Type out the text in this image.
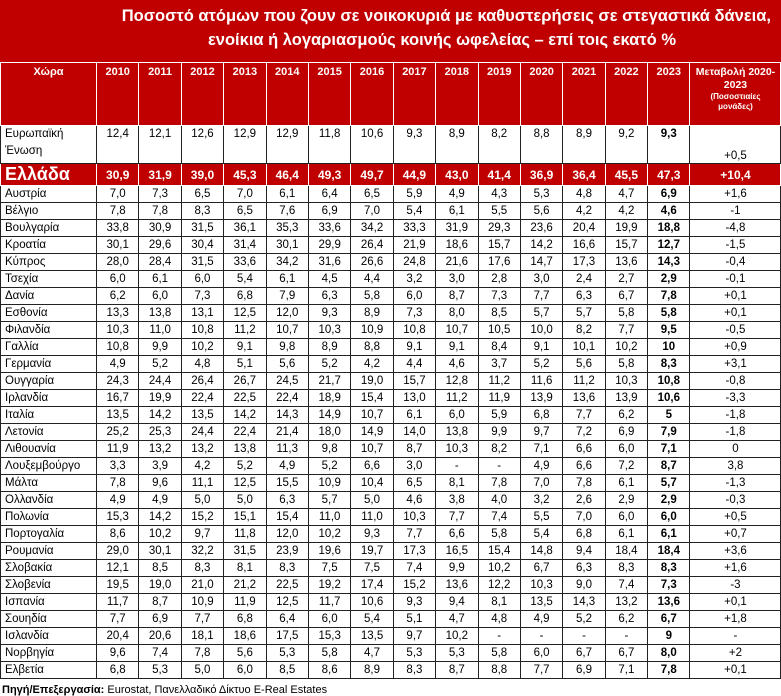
Ποσοστό ατόμων που ζουν σε νοικοκυριά με καθυστερήσεις σε στεγαστικά δάνεια,
ενοίκια ή λογαριασμούς κοινής ωφελείας – επί τοις εκατό %
Χώρα	2010	2011	2012	2013	2014	2015	2016	2017	2018	2019	2020	2021	2022	2023	Μεταβολή 2020- 2023
(Ποσοστιαίες μονάδες)

Ευρωπαϊκή Ένωση	12,4	12,1	12,6	12,9	12,9	11,8	10,6	9,3	8,9	8,2	8,8	8,9	9,2	9,3	+0,5
Ελλάδα	30,9	31,9	39,0	45,3	46,4	49,3	49,7	44,9	43,0	41,4	36,9	36,4	45,5	47,3	+10,4
Αυστρία	7,0	7,3	6,5	7,0	6,1	6,4	6,5	5,9	4,9	4,3	5,3	4,8	4,7	6,9	+1,6
Βέλγιο	7,8	7,8	8,3	6,5	7,6	6,9	7,0	5,4	6,1	5,5	5,6	4,2	4,2	4,6	-1
Βουλγαρία	33,8	30,9	31,5	36,1	35,3	33,6	34,2	33,3	31,9	29,3	23,6	20,4	19,9	18,8	-4,8
Κροατία	30,1	29,6	30,4	31,4	30,1	29,9	26,4	21,9	18,6	15,7	14,2	16,6	15,7	12,7	-1,5
Κύπρος	28,0	28,4	31,5	33,6	34,2	31,6	26,6	24,8	21,6	17,6	14,7	17,3	13,6	14,3	-0,4
Τσεχία	6,0	6,1	6,0	5,4	6,1	4,5	4,4	3,2	3,0	2,8	3,0	2,4	2,7	2,9	-0,1
Δανία	6,2	6,0	7,3	6,8	7,9	6,3	5,8	6,0	8,7	7,3	7,7	6,3	6,7	7,8	+0,1
Εσθονία	13,3	13,8	13,1	12,5	12,0	9,3	8,9	7,3	8,0	8,5	5,7	5,7	5,8	5,8	+0,1
Φιλανδία	10,3	11,0	10,8	11,2	10,7	10,3	10,9	10,8	10,7	10,5	10,0	8,2	7,7	9,5	-0,5
Γαλλία	10,8	9,9	10,2	9,1	9,8	8,9	8,8	9,1	9,1	8,4	9,1	10,1	10,2	10	+0,9
Γερμανία	4,9	5,2	4,8	5,1	5,6	5,2	4,2	4,4	4,6	3,7	5,2	5,6	5,8	8,3	+3,1
Ουγγαρία	24,3	24,4	26,4	26,7	24,5	21,7	19,0	15,7	12,8	11,2	11,6	11,2	10,3	10,8	-0,8
Ιρλανδία	16,7	19,9	22,4	22,5	22,4	18,9	15,4	13,0	11,2	11,9	13,9	13,6	13,9	10,6	-3,3
Ιταλία	13,5	14,2	13,5	14,2	14,3	14,9	10,7	6,1	6,0	5,9	6,8	7,7	6,2	5	-1,8
Λετονία	25,2	25,3	24,4	22,4	21,4	18,0	14,9	14,0	13,8	9,9	9,7	7,2	6,9	7,9	-1,8
Λιθουανία	11,9	13,2	13,2	13,8	11,3	9,8	10,7	8,7	10,3	8,2	7,1	6,6	6,0	7,1	0
Λουξεμβούργο	3,3	3,9	4,2	5,2	4,9	5,2	6,6	3,0	-	-	4,9	6,6	7,2	8,7	3,8
Μάλτα	7,8	9,6	11,1	12,5	15,5	10,9	10,4	6,5	8,1	7,8	7,0	7,8	6,1	5,7	-1,3
Ολλανδία	4,9	4,9	5,0	5,0	6,3	5,7	5,0	4,6	3,8	4,0	3,2	2,6	2,9	2,9	-0,3
Πολωνία	15,3	14,2	15,2	15,1	15,4	11,0	11,0	10,3	7,7	7,4	5,5	7,0	6,0	6,0	+0,5
Πορτογαλία	8,6	10,2	9,7	11,8	12,0	10,2	9,3	7,7	6,6	5,8	5,4	6,8	6,1	6,1	+0,7
Ρουμανία	29,0	30,1	32,2	31,5	23,9	19,6	19,7	17,3	16,5	15,4	14,8	9,4	18,4	18,4	+3,6
Σλοβακία	12,1	8,5	8,3	8,1	8,3	7,5	7,5	7,4	9,9	10,2	6,7	6,3	8,3	8,3	+1,6
Σλοβενία	19,5	19,0	21,0	21,2	22,5	19,2	17,4	15,2	13,6	12,2	10,3	9,0	7,4	7,3	-3
Ισπανία	11,7	8,7	10,9	11,9	12,5	11,7	10,6	9,3	9,4	8,1	13,5	14,3	13,2	13,6	+0,1
Σουηδία	7,7	6,9	7,7	6,8	6,4	6,0	5,4	5,1	4,7	4,8	4,9	5,2	6,2	6,7	+1,8
Ισλανδία	20,4	20,6	18,1	18,6	17,5	15,3	13,5	9,7	10,2	-	-	-	-	9	-
Νορβηγία	9,6	7,4	7,8	5,6	5,3	5,8	4,7	5,3	5,3	5,8	6,0	6,7	6,7	8,0	+2
Ελβετία	6,8	5,3	5,0	6,0	8,5	8,6	8,9	8,3	8,7	8,8	7,7	6,9	7,1	7,8	+0,1
Πηγή/Επεξεργασία: Eurostat, Πανελλαδικό Δίκτυο E-Real Estates
